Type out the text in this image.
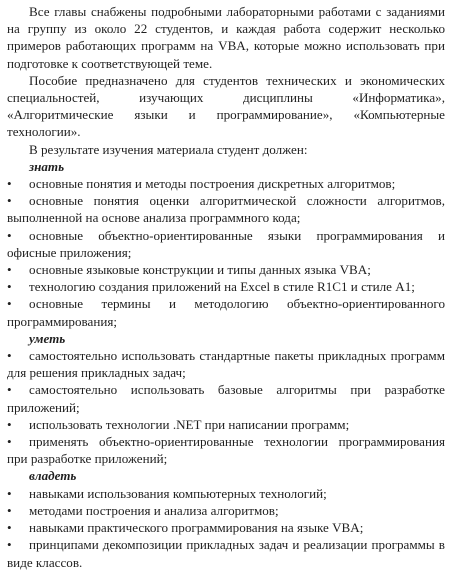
Все главы снабжены подробными лабораторными работами с заданиями на группу из около 22 студентов, и каждая работа содержит несколько примеров работающих программ на VBA, которые можно использовать при подготовке к соответствующей теме.

Пособие предназначено для студентов технических и экономических специальностей, изучающих дисциплины «Информатика», «Алгоритмические языки и программирование», «Компьютерные технологии».

В результате изучения материала студент должен:

знать

•основные понятия и методы построения дискретных алгоритмов;

•основные понятия оценки алгоритмической сложности алгоритмов, выполненной на основе анализа программного кода;

•основные объектно-ориентированные языки программирования и офисные приложения;

•основные языковые конструкции и типы данных языка VBA;

•технологию создания приложений на Excel в стиле R1C1 и стиле A1;

•основные термины и методологию объектно-ориентированного программирования;

уметь

•самостоятельно использовать стандартные пакеты прикладных программ для решения прикладных задач;

•самостоятельно использовать базовые алгоритмы при разработке приложений;

•использовать технологии .NET при написании программ;

•применять объектно-ориентированные технологии программирования при разработке приложений;

владеть

•навыками использования компьютерных технологий;

•методами построения и анализа алгоритмов;

•навыками практического программирования на языке VBA;

•принципами декомпозиции прикладных задач и реализации программы в виде классов.
